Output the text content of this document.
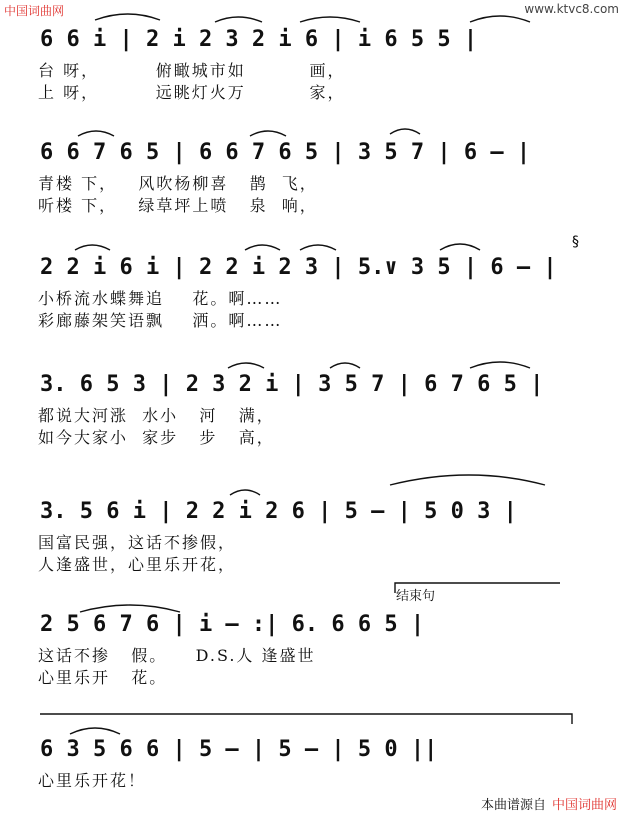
中国词曲网	www.ktvc8.com
6 6 i | 2 i 2 3 2 i 6 | i 6 5 5 |
台 呀，        俯瞰城市如         画，
上 呀，        远眺灯火万         家，
6 6 7 6 5 | 6 6 7 6 5 | 3 5 7 | 6 — |
青楼 下，   风吹杨柳喜   鹊  飞，
听楼 下，   绿草坪上喷   泉  响，
2 2 i 6 i | 2 2 i 2 3 | 5.∨ 3 5 | 6 — |
小桥流水蝶舞追    花。啊……
彩廊藤架笑语飘    洒。啊……
3. 6 5 3 | 2 3 2 i | 3 5 7 | 6 7 6 5 |
都说大河涨  水小   河   满，
如今大家小  家步   步   高，
3. 5 6 i | 2 2 i 2 6 | 5 — | 5 0 3 |
国富民强，这话不掺假，
人逢盛世，心里乐开花，
结束句
2 5 6 7 6 | i — :| 6. 6 6 5 |
这话不掺   假。    D.S.人 逢盛世
心里乐开   花。
6 3 5 6 6 | 5 — | 5 — | 5 0 ||
心里乐开花！
§
本曲谱源自 中国词曲网
